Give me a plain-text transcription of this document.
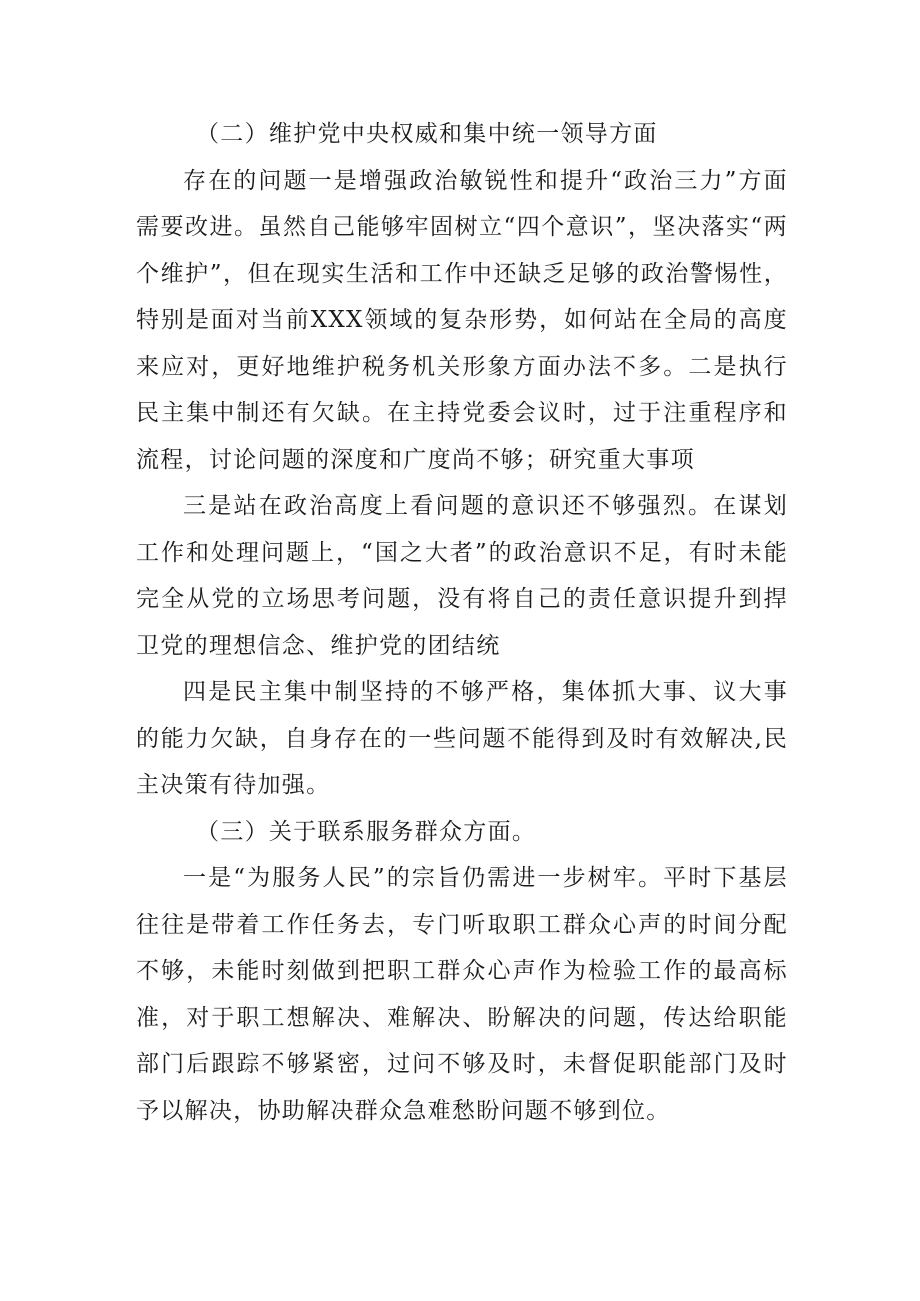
（二）维护党中央权威和集中统一领导方面

存在的问题一是增强政治敏锐性和提升“政治三力”方面需要改进。虽然自己能够牢固树立“四个意识”，坚决落实“两个维护”，但在现实生活和工作中还缺乏足够的政治警惕性，特别是面对当前XXX领域的复杂形势，如何站在全局的高度来应对，更好地维护税务机关形象方面办法不多。二是执行民主集中制还有欠缺。在主持党委会议时，过于注重程序和流程，讨论问题的深度和广度尚不够；研究重大事项

三是站在政治高度上看问题的意识还不够强烈。在谋划工作和处理问题上，“国之大者”的政治意识不足，有时未能完全从党的立场思考问题，没有将自己的责任意识提升到捍卫党的理想信念、维护党的团结统

四是民主集中制坚持的不够严格，集体抓大事、议大事的能力欠缺，自身存在的一些问题不能得到及时有效解决,民主决策有待加强。

（三）关于联系服务群众方面。

一是“为服务人民”的宗旨仍需进一步树牢。平时下基层往往是带着工作任务去，专门听取职工群众心声的时间分配不够，未能时刻做到把职工群众心声作为检验工作的最高标准，对于职工想解决、难解决、盼解决的问题，传达给职能部门后跟踪不够紧密，过问不够及时，未督促职能部门及时予以解决，协助解决群众急难愁盼问题不够到位。
